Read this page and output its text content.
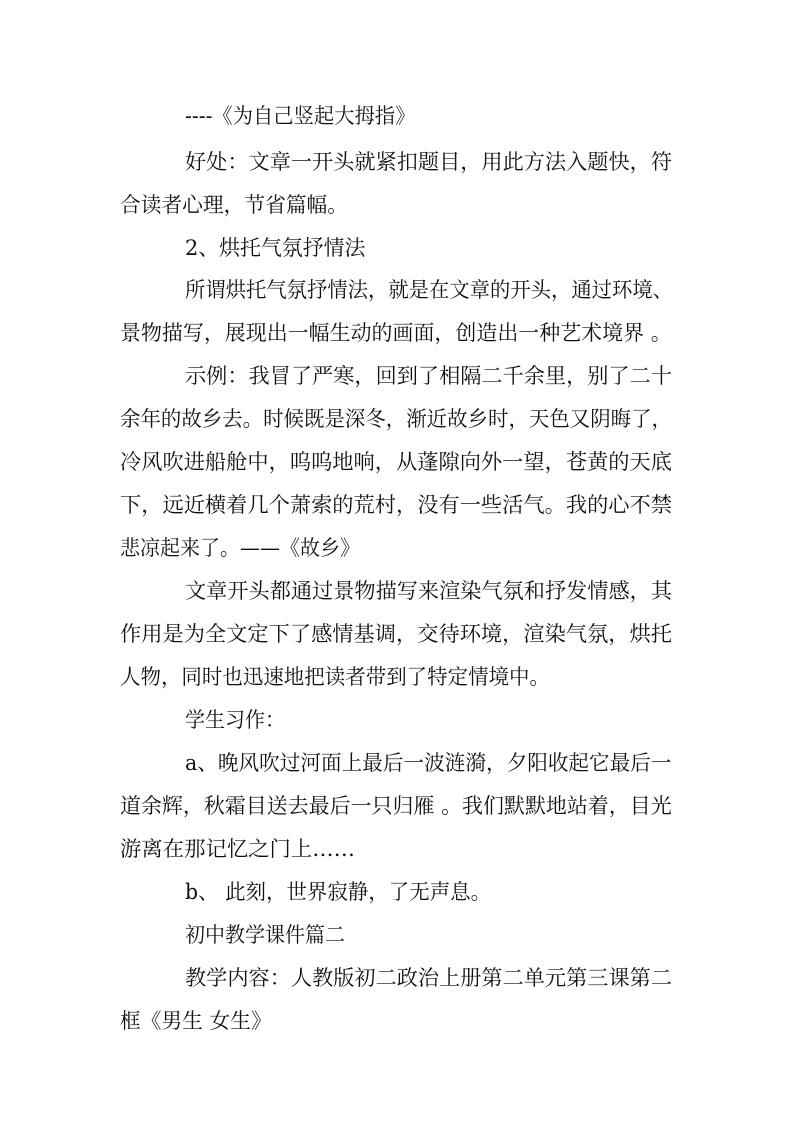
----《为自己竖起大拇指》

好处：文章一开头就紧扣题目，用此方法入题快，符

合读者心理，节省篇幅。

2、烘托气氛抒情法

所谓烘托气氛抒情法，就是在文章的开头，通过环境、

景物描写，展现出一幅生动的画面，创造出一种艺术境界 。

示例：我冒了严寒，回到了相隔二千余里，别了二十

余年的故乡去。时候既是深冬，渐近故乡时，天色又阴晦了，

冷风吹进船舱中，呜呜地响，从蓬隙向外一望，苍黄的天底

下，远近横着几个萧索的荒村，没有一些活气。我的心不禁

悲凉起来了。——《故乡》

文章开头都通过景物描写来渲染气氛和抒发情感，其

作用是为全文定下了感情基调，交待环境，渲染气氛，烘托

人物，同时也迅速地把读者带到了特定情境中。

学生习作：

a、晚风吹过河面上最后一波涟漪，夕阳收起它最后一

道余辉，秋霜目送去最后一只归雁 。我们默默地站着，目光

游离在那记忆之门上……

b、 此刻，世界寂静，了无声息。

初中教学课件篇二

教学内容：人教版初二政治上册第二单元第三课第二

框《男生 女生》
